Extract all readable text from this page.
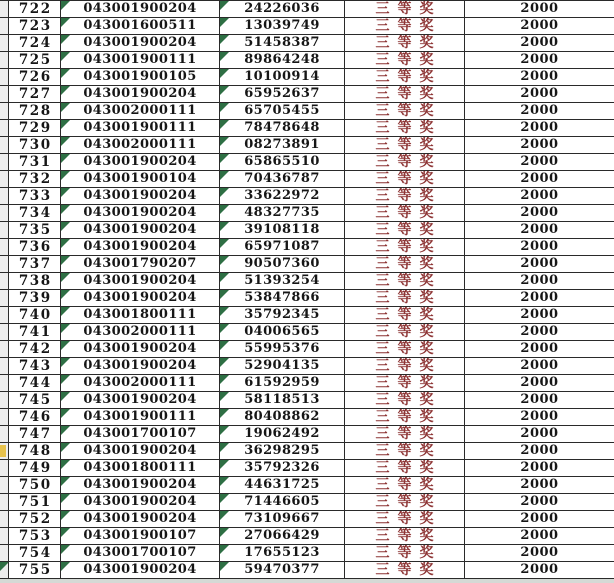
722 043001900204	24226036	三等奖	2000
723 043001600511	13039749	三等奖	2000
724 043001900204	51458387	三等奖	2000
725 043001900111	89864248	三等奖	2000
726 043001900105	10100914	三等奖	2000
727 043001900204	65952637	三等奖	2000
728 043002000111	65705455	三等奖	2000
729 043001900111	78478648	三等奖	2000
730 043002000111	08273891	三等奖	2000
731 043001900204	65865510	三等奖	2000
732 043001900104	70436787	三等奖	2000
733 043001900204	33622972	三等奖	2000
734 043001900204	48327735	三等奖	2000
735 043001900204	39108118	三等奖	2000
736 043001900204	65971087	三等奖	2000
737 043001790207	90507360	三等奖	2000
738 043001900204	51393254	三等奖	2000
739 043001900204	53847866	三等奖	2000
740 043001800111	35792345	三等奖	2000
741 043002000111	04006565	三等奖	2000
742 043001900204	55995376	三等奖	2000
743 043001900204	52904135	三等奖	2000
744 043002000111	61592959	三等奖	2000
745 043001900204	58118513	三等奖	2000
746 043001900111	80408862	三等奖	2000
747 043001700107	19062492	三等奖	2000
748 043001900204	36298295	三等奖	2000
749 043001800111	35792326	三等奖	2000
750 043001900204	44631725	三等奖	2000
751 043001900204	71446605	三等奖	2000
752 043001900204	73109667	三等奖	2000
753 043001900107	27066429	三等奖	2000
754 043001700107	17655123	三等奖	2000
755 043001900204	59470377	三等奖	2000
